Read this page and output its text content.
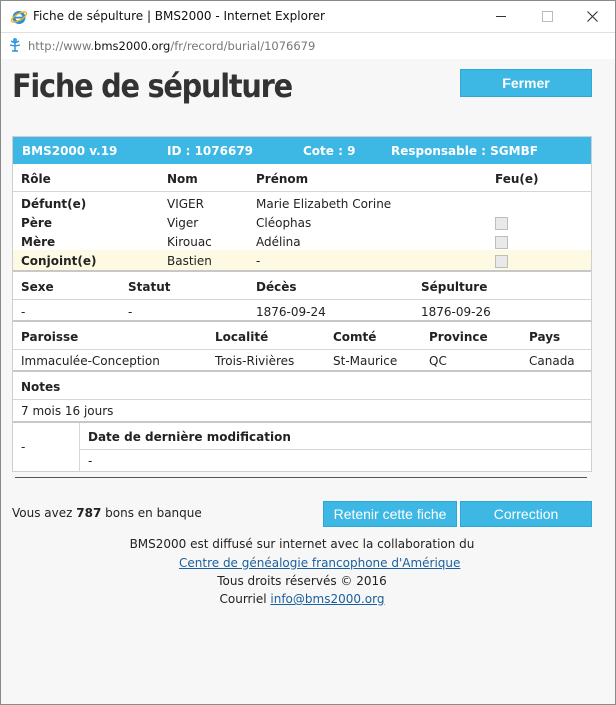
Fiche de sépulture | BMS2000 - Internet Explorer
http://www.bms2000.org/fr/record/burial/1076679
Fiche de sépulture	Fermer
BMS2000 v.19	ID : 1076679	Cote : 9	Responsable : SGMBF
Rôle	Nom	Prénom	Feu(e)
Défunt(e)	VIGER	Marie Elizabeth Corine
Père	Viger	Cléophas
Mère	Kirouac	Adélina
Conjoint(e)	Bastien	-
Sexe	Statut	Décès	Sépulture
-	-	1876-09-24	1876-09-26
Paroisse	Localité	Comté	Province	Pays
Immaculée-Conception	Trois-Rivières	St-Maurice	QC	Canada
Notes
7 mois 16 jours
-
Date de dernière modification
-
Vous avez 787 bons en banque	Retenir cette fiche	Correction
BMS2000 est diffusé sur internet avec la collaboration du
Centre de généalogie francophone d'Amérique
Tous droits réservés © 2016
Courriel info@bms2000.org
